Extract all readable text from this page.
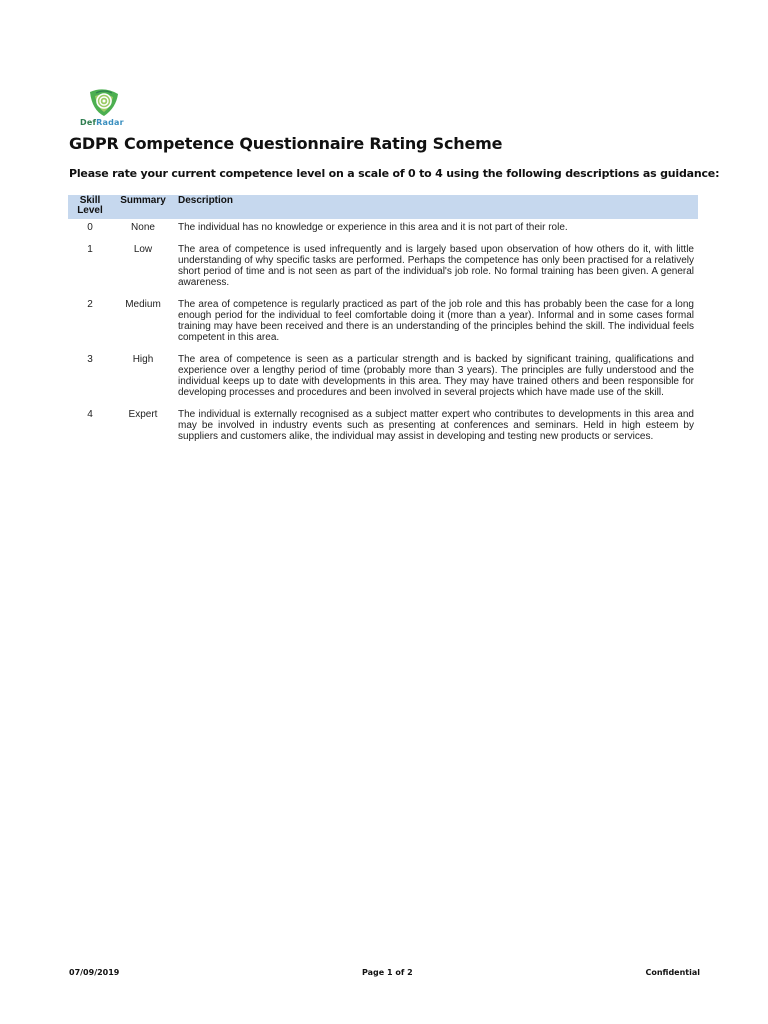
DefRadar
GDPR Competence Questionnaire Rating Scheme
Please rate your current competence level on a scale of 0 to 4 using the following descriptions as guidance:
Skill Level	Summary	Description
0	None	The individual has no knowledge or experience in this area and it is not part of their role.
1	Low	The area of competence is used infrequently and is largely based upon observation of how others do it, with little understanding of why specific tasks are performed. Perhaps the competence has only been practised for a relatively short period of time and is not seen as part of the individual's job role. No formal training has been given. A general awareness.
2	Medium	The area of competence is regularly practiced as part of the job role and this has probably been the case for a long enough period for the individual to feel comfortable doing it (more than a year). Informal and in some cases formal training may have been received and there is an understanding of the principles behind the skill. The individual feels competent in this area.
3	High	The area of competence is seen as a particular strength and is backed by significant training, qualifications and experience over a lengthy period of time (probably more than 3 years). The principles are fully understood and the individual keeps up to date with developments in this area. They may have trained others and been responsible for developing processes and procedures and been involved in several projects which have made use of the skill.
4	Expert	The individual is externally recognised as a subject matter expert who contributes to developments in this area and may be involved in industry events such as presenting at conferences and seminars. Held in high esteem by suppliers and customers alike, the individual may assist in developing and testing new products or services.
07/09/2019	Page 1 of 2	Confidential
